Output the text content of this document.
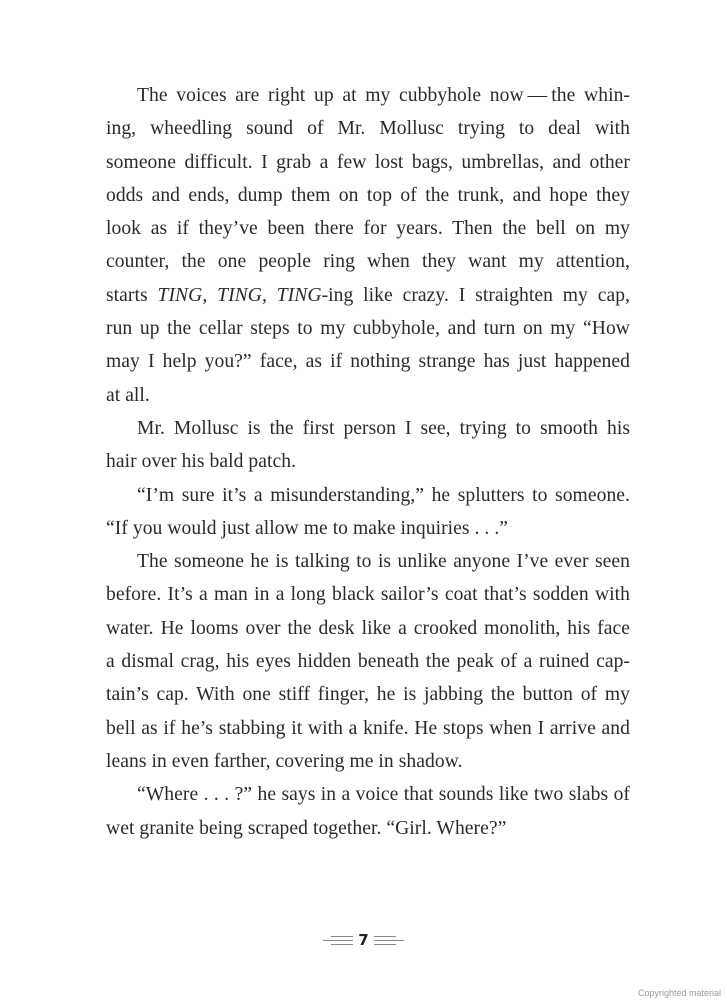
The voices are right up at my cubbyhole now — the whin-
ing, wheedling sound of Mr. Mollusc trying to deal with
someone difficult. I grab a few lost bags, umbrellas, and other
odds and ends, dump them on top of the trunk, and hope they
look as if they’ve been there for years. Then the bell on my
counter, the one people ring when they want my attention,
starts TING, TING, TING-ing like crazy. I straighten my cap,
run up the cellar steps to my cubbyhole, and turn on my “How
may I help you?” face, as if nothing strange has just happened
at all.
Mr. Mollusc is the first person I see, trying to smooth his
hair over his bald patch.
“I’m sure it’s a misunderstanding,” he splutters to someone.
“If you would just allow me to make inquiries . . .”
The someone he is talking to is unlike anyone I’ve ever seen
before. It’s a man in a long black sailor’s coat that’s sodden with
water. He looms over the desk like a crooked monolith, his face
a dismal crag, his eyes hidden beneath the peak of a ruined cap-
tain’s cap. With one stiff finger, he is jabbing the button of my
bell as if he’s stabbing it with a knife. He stops when I arrive and
leans in even farther, covering me in shadow.
“Where . . . ?” he says in a voice that sounds like two slabs of
wet granite being scraped together. “Girl. Where?”
7
Copyrighted material
